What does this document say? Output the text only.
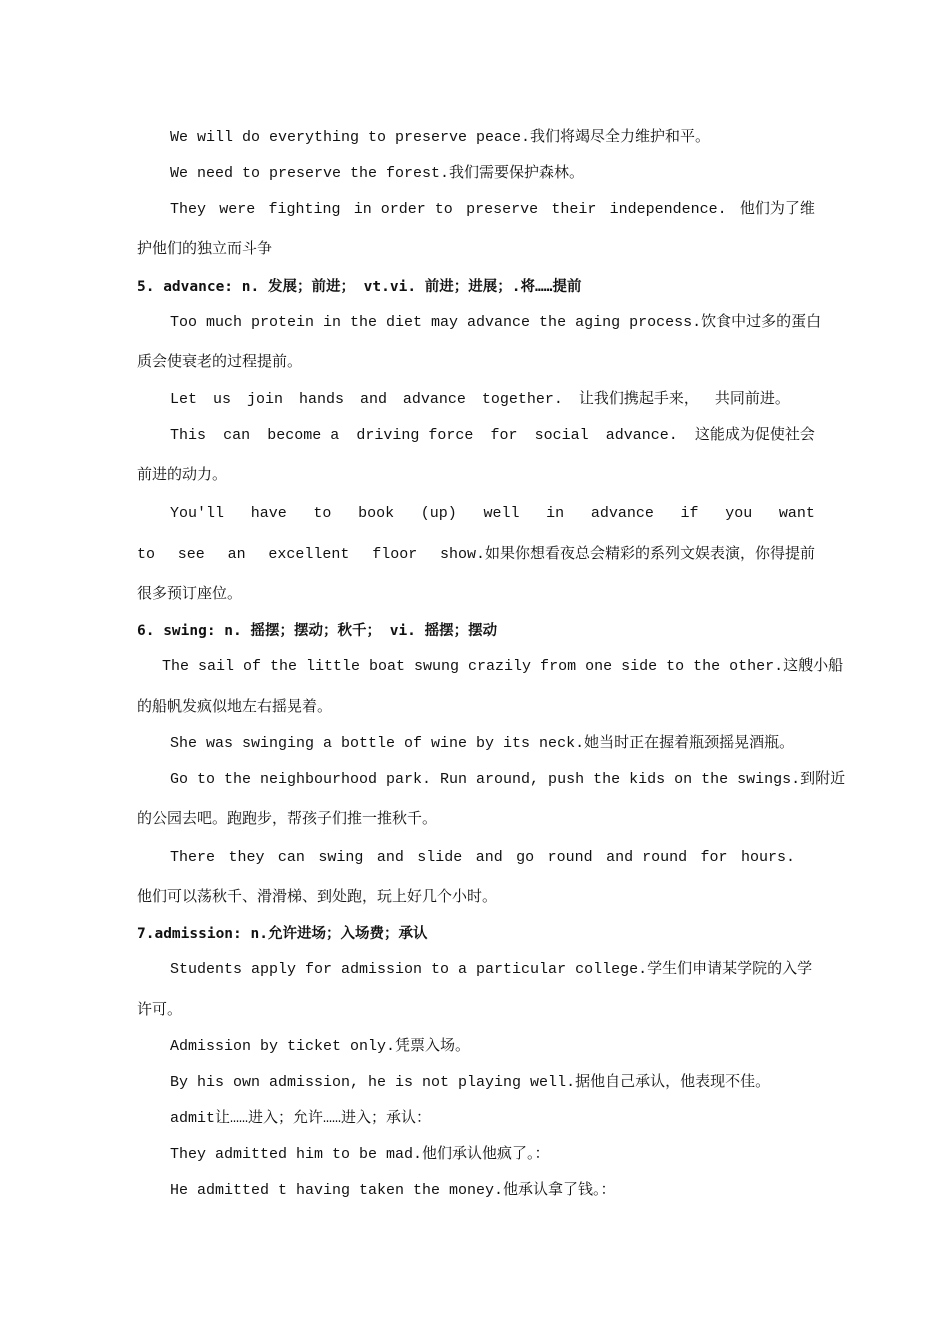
We will do everything to preserve peace.我们将竭尽全力维护和平。
We need to preserve the forest.我们需要保护森林。
They were fighting in order to preserve their independence. 他们为了维
护他们的独立而斗争
5. advance: n. 发展；前进； vt.vi. 前进；进展；.将……提前
Too much protein in the diet may advance the aging process.饮食中过多的蛋白
质会使衰老的过程提前。
Let us join hands and advance together. 让我们携起手来， 共同前进。
This can become a driving force for social advance. 这能成为促使社会
前进的动力。
You'll have to book (up) well in advance if you want
to see an excellent floor show.如果你想看夜总会精彩的系列文娱表演，你得提前
很多预订座位。
6. swing: n. 摇摆；摆动；秋千； vi. 摇摆；摆动
The sail of the little boat swung crazily from one side to the other.这艘小船
的船帆发疯似地左右摇晃着。
She was swinging a bottle of wine by its neck.她当时正在握着瓶颈摇晃酒瓶。
Go to the neighbourhood park. Run around, push the kids on the swings.到附近
的公园去吧。跑跑步，帮孩子们推一推秋千。
There they can swing and slide and go round and round for hours.
他们可以荡秋千、滑滑梯、到处跑，玩上好几个小时。
7.admission: n.允许进场；入场费；承认
Students apply for admission to a particular college.学生们申请某学院的入学
许可。
Admission by ticket only.凭票入场。
By his own admission, he is not playing well.据他自己承认，他表现不佳。
admit让……进入；允许……进入；承认：
They admitted him to be mad.他们承认他疯了。：
He admitted t having taken the money.他承认拿了钱。：
